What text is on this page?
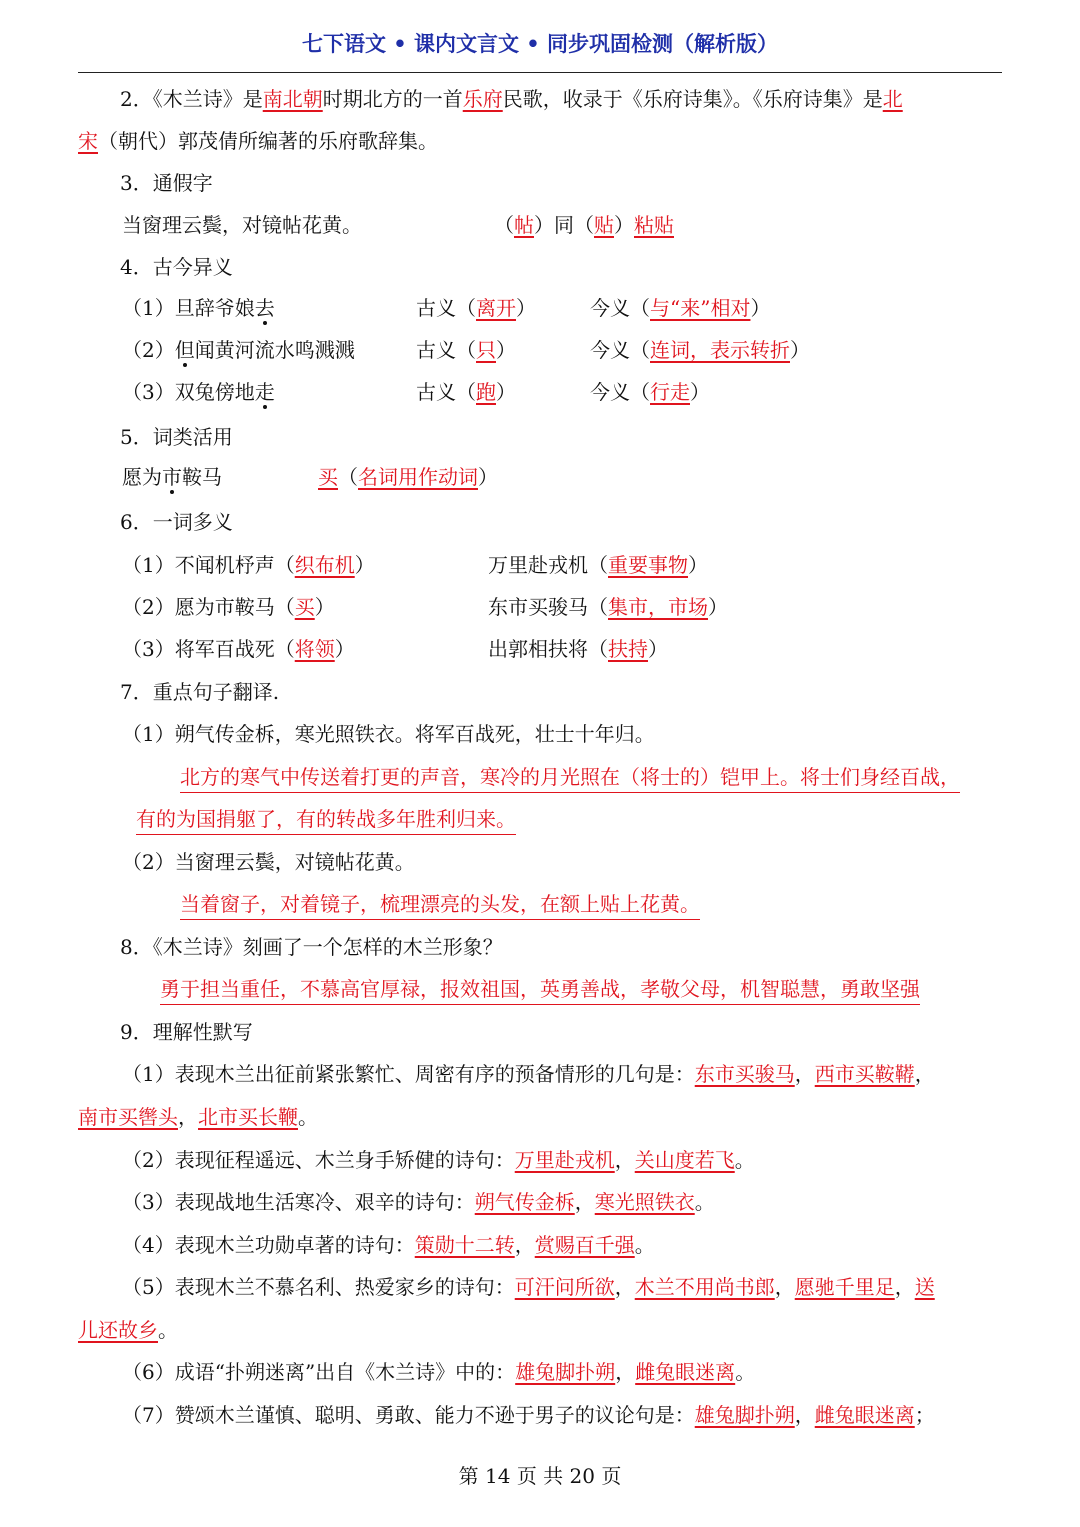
七下语文 • 课内文言文 • 同步巩固检测（解析版）
2．《木兰诗》是南北朝时期北方的一首乐府民歌，收录于《乐府诗集》。《乐府诗集》是北
宋（朝代）郭茂倩所编著的乐府歌辞集。
3．通假字
当窗理云鬓，对镜帖花黄。	（帖）同（贴）粘贴
4．古今异义
（1）旦辞爷娘去	古义（离开）	今义（与“来”相对）
（2）但闻黄河流水鸣溅溅	古义（只）	今义（连词，表示转折）
（3）双兔傍地走	古义（跑）	今义（行走）
5．词类活用
愿为市鞍马	买（名词用作动词）
6．一词多义
（1）不闻机杼声（织布机）	万里赴戎机（重要事物）
（2）愿为市鞍马（买）	东市买骏马（集市，市场）
（3）将军百战死（将领）	出郭相扶将（扶持）
7．重点句子翻译.
（1）朔气传金柝，寒光照铁衣。将军百战死，壮士十年归。
北方的寒气中传送着打更的声音，寒冷的月光照在（将士的）铠甲上。将士们身经百战，
有的为国捐躯了，有的转战多年胜利归来。
（2）当窗理云鬓，对镜帖花黄。
当着窗子，对着镜子，梳理漂亮的头发，在额上贴上花黄。
8．《木兰诗》刻画了一个怎样的木兰形象？
勇于担当重任，不慕高官厚禄，报效祖国，英勇善战，孝敬父母，机智聪慧，勇敢坚强
9．理解性默写
（1）表现木兰出征前紧张繁忙、周密有序的预备情形的几句是：东市买骏马，西市买鞍鞯，
南市买辔头，北市买长鞭。
（2）表现征程遥远、木兰身手矫健的诗句：万里赴戎机，关山度若飞。
（3）表现战地生活寒冷、艰辛的诗句：朔气传金柝，寒光照铁衣。
（4）表现木兰功勋卓著的诗句：策勋十二转，赏赐百千强。
（5）表现木兰不慕名利、热爱家乡的诗句：可汗问所欲，木兰不用尚书郎，愿驰千里足，送
儿还故乡。
（6）成语“扑朔迷离”出自《木兰诗》中的：雄兔脚扑朔，雌兔眼迷离。
（7）赞颂木兰谨慎、聪明、勇敢、能力不逊于男子的议论句是：雄兔脚扑朔，雌兔眼迷离；
第 14 页 共 20 页
